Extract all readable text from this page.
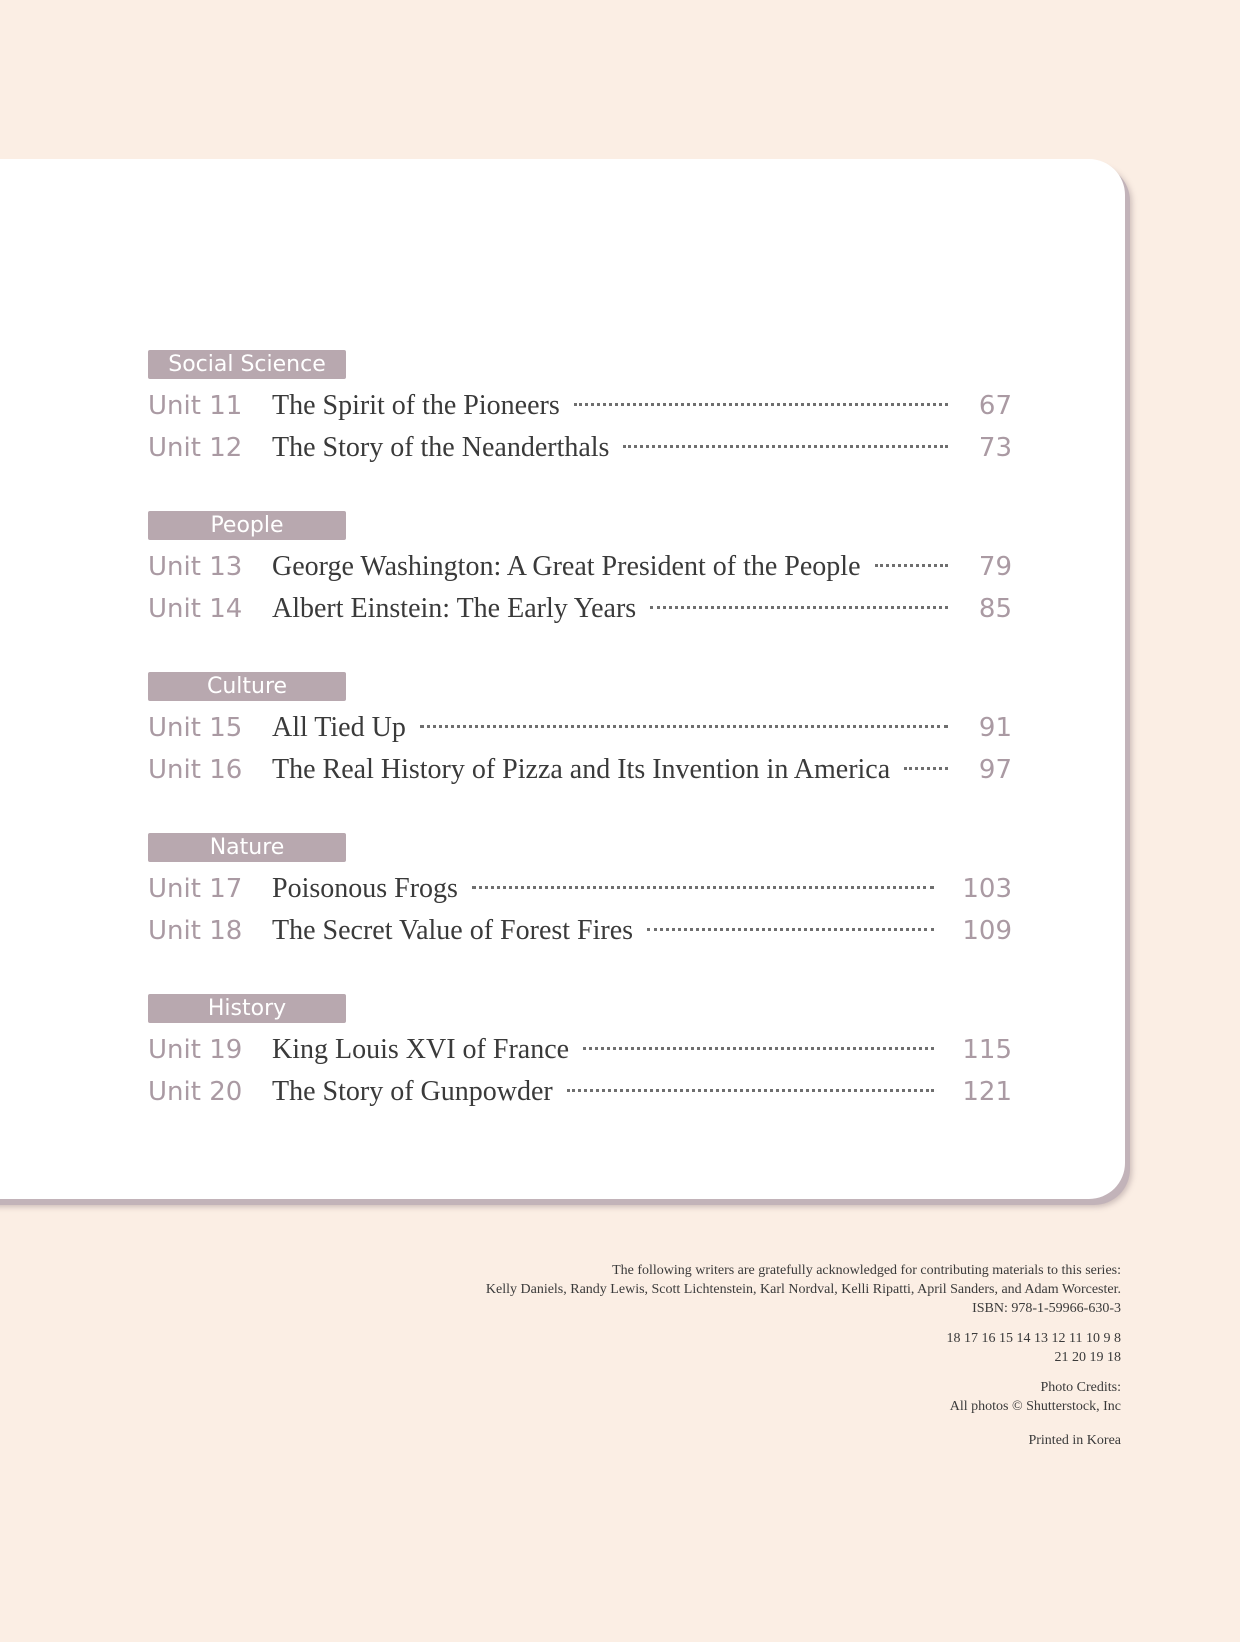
Social Science
Unit 11	The Spirit of the Pioneers	67
Unit 12	The Story of the Neanderthals	73
People
Unit 13	George Washington: A Great President of the People	79
Unit 14	Albert Einstein: The Early Years	85
Culture
Unit 15	All Tied Up	91
Unit 16	The Real History of Pizza and Its Invention in America	97
Nature
Unit 17	Poisonous Frogs	103
Unit 18	The Secret Value of Forest Fires	109
History
Unit 19	King Louis XVI of France	115
Unit 20	The Story of Gunpowder	121
The following writers are gratefully acknowledged for contributing materials to this series:
Kelly Daniels, Randy Lewis, Scott Lichtenstein, Karl Nordval, Kelli Ripatti, April Sanders, and Adam Worcester.
ISBN: 978-1-59966-630-3
18 17 16 15 14 13 12 11 10 9 8
21 20 19 18
Photo Credits:
All photos © Shutterstock, Inc
Printed in Korea
